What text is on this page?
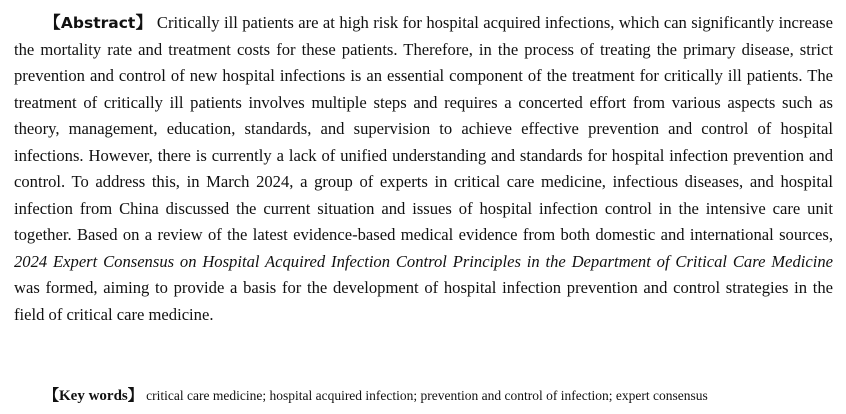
【Abstract】 Critically ill patients are at high risk for hospital acquired infections, which can significantly increase the mortality rate and treatment costs for these patients. Therefore, in the process of treating the primary disease, strict prevention and control of new hospital infections is an essential component of the treatment for critically ill patients. The treatment of critically ill patients involves multiple steps and requires a concerted effort from various aspects such as theory, management, education, standards, and supervision to achieve effective prevention and control of hospital infections. However, there is currently a lack of unified understanding and standards for hospital infection prevention and control. To address this, in March 2024, a group of experts in critical care medicine, infectious diseases, and hospital infection from China discussed the current situation and issues of hospital infection control in the intensive care unit together. Based on a review of the latest evidence-based medical evidence from both domestic and international sources, 2024 Expert Consensus on Hospital Acquired Infection Control Principles in the Department of Critical Care Medicine was formed, aiming to provide a basis for the development of hospital infection prevention and control strategies in the field of critical care medicine.

【Key words】 critical care medicine; hospital acquired infection; prevention and control of infection; expert consensus
